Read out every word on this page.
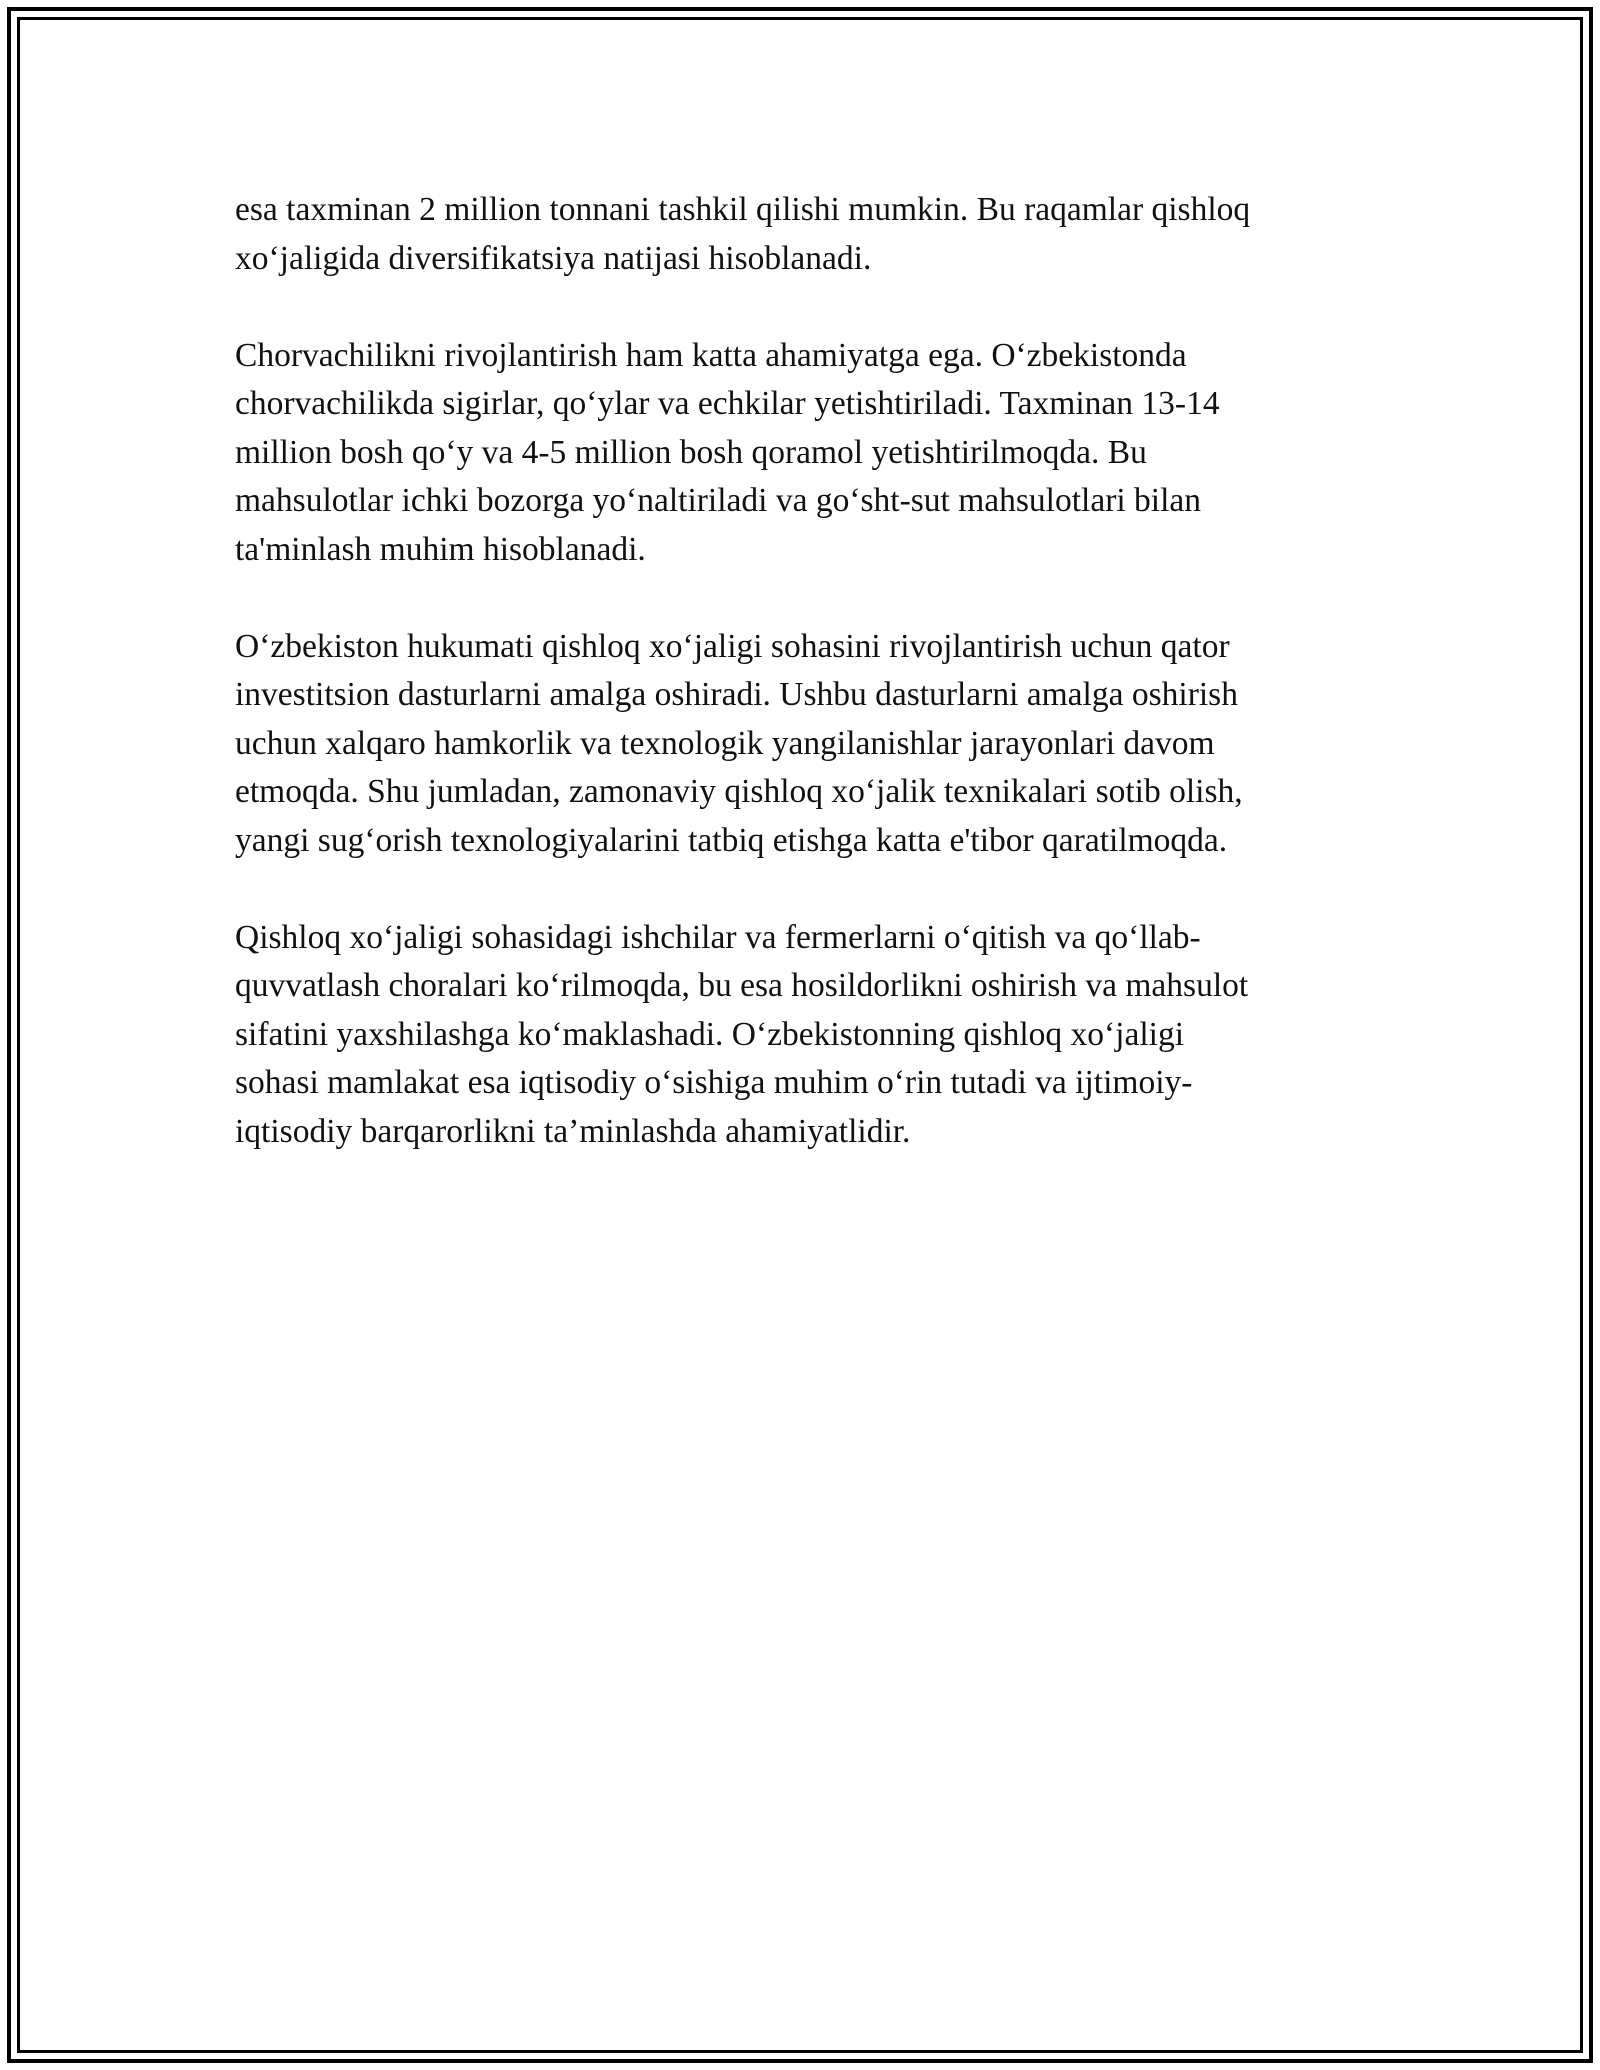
esa taxminan 2 million tonnani tashkil qilishi mumkin. Bu raqamlar qishloq
xo‘jaligida diversifikatsiya natijasi hisoblanadi.

Chorvachilikni rivojlantirish ham katta ahamiyatga ega. O‘zbekistonda
chorvachilikda sigirlar, qo‘ylar va echkilar yetishtiriladi. Taxminan 13-14
million bosh qo‘y va 4-5 million bosh qoramol yetishtirilmoqda. Bu
mahsulotlar ichki bozorga yo‘naltiriladi va go‘sht-sut mahsulotlari bilan
ta'minlash muhim hisoblanadi.

O‘zbekiston hukumati qishloq xo‘jaligi sohasini rivojlantirish uchun qator
investitsion dasturlarni amalga oshiradi. Ushbu dasturlarni amalga oshirish
uchun xalqaro hamkorlik va texnologik yangilanishlar jarayonlari davom
etmoqda. Shu jumladan, zamonaviy qishloq xo‘jalik texnikalari sotib olish,
yangi sug‘orish texnologiyalarini tatbiq etishga katta e'tibor qaratilmoqda.

Qishloq xo‘jaligi sohasidagi ishchilar va fermerlarni o‘qitish va qo‘llab-
quvvatlash choralari ko‘rilmoqda, bu esa hosildorlikni oshirish va mahsulot
sifatini yaxshilashga ko‘maklashadi. O‘zbekistonning qishloq xo‘jaligi
sohasi mamlakat esa iqtisodiy o‘sishiga muhim o‘rin tutadi va ijtimoiy-
iqtisodiy barqarorlikni ta’minlashda ahamiyatlidir.
